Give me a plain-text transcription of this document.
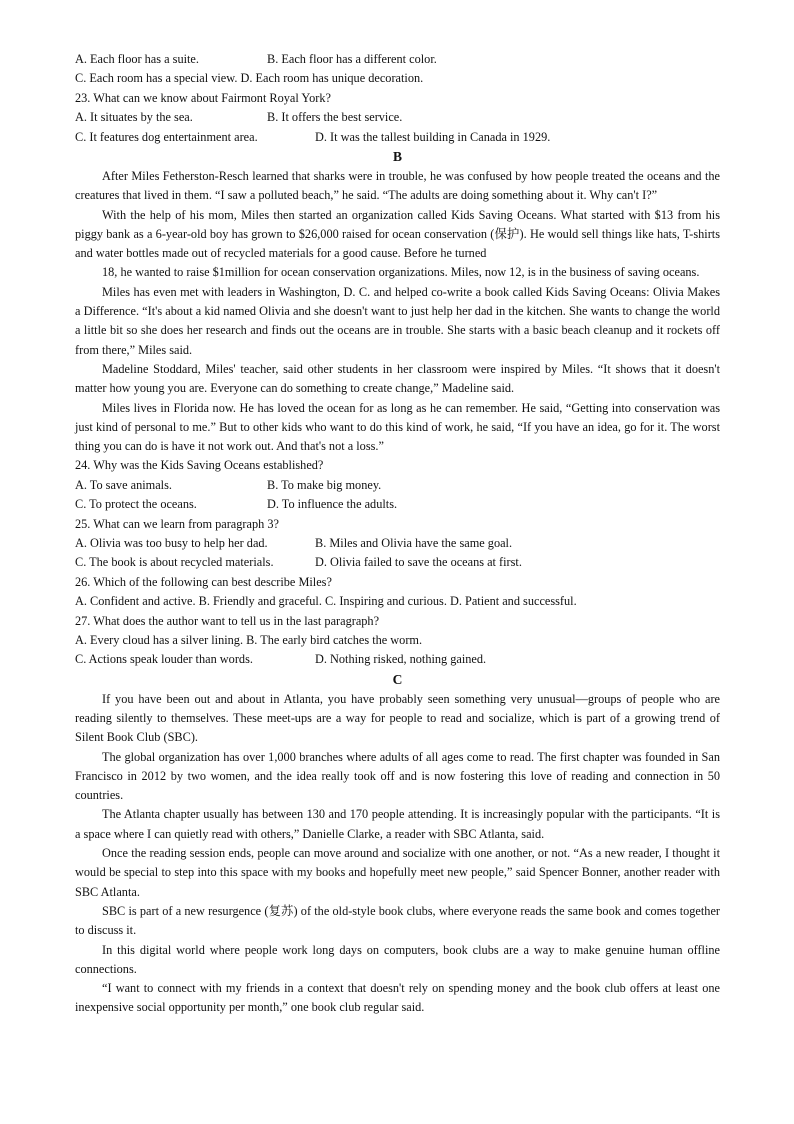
A. Each floor has a suite.	B. Each floor has a different color.
C. Each room has a special view. D. Each room has unique decoration.
23. What can we know about Fairmont Royal York?
A. It situates by the sea.	B. It offers the best service.
C. It features dog entertainment area.	D. It was the tallest building in Canada in 1929.
B

After Miles Fetherston-Resch learned that sharks were in trouble, he was confused by how people treated the oceans and the creatures that lived in them. “I saw a polluted beach,” he said. “The adults are doing something about it. Why can't I?”

With the help of his mom, Miles then started an organization called Kids Saving Oceans. What started with $13 from his piggy bank as a 6-year-old boy has grown to $26,000 raised for ocean conservation (保护). He would sell things like hats, T-shirts and water bottles made out of recycled materials for a good cause. Before he turned

18, he wanted to raise $1million for ocean conservation organizations. Miles, now 12, is in the business of saving oceans.

Miles has even met with leaders in Washington, D. C. and helped co-write a book called Kids Saving Oceans: Olivia Makes a Difference. “It's about a kid named Olivia and she doesn't want to just help her dad in the kitchen. She wants to change the world a little bit so she does her research and finds out the oceans are in trouble. She starts with a basic beach cleanup and it rockets off from there,” Miles said.

Madeline Stoddard, Miles' teacher, said other students in her classroom were inspired by Miles. “It shows that it doesn't matter how young you are. Everyone can do something to create change,” Madeline said.

Miles lives in Florida now. He has loved the ocean for as long as he can remember. He said, “Getting into conservation was just kind of personal to me.” But to other kids who want to do this kind of work, he said, “If you have an idea, go for it. The worst thing you can do is have it not work out. And that's not a loss.”

24. Why was the Kids Saving Oceans established?
A. To save animals.	B. To make big money.
C. To protect the oceans.	D. To influence the adults.
25. What can we learn from paragraph 3?
A. Olivia was too busy to help her dad.	B. Miles and Olivia have the same goal.
C. The book is about recycled materials.	D. Olivia failed to save the oceans at first.
26. Which of the following can best describe Miles?
A. Confident and active. B. Friendly and graceful. C. Inspiring and curious. D. Patient and successful.
27. What does the author want to tell us in the last paragraph?
A. Every cloud has a silver lining. B. The early bird catches the worm.
C. Actions speak louder than words.	D. Nothing risked, nothing gained.
C

If you have been out and about in Atlanta, you have probably seen something very unusual—groups of people who are reading silently to themselves. These meet-ups are a way for people to read and socialize, which is part of a growing trend of Silent Book Club (SBC).

The global organization has over 1,000 branches where adults of all ages come to read. The first chapter was founded in San Francisco in 2012 by two women, and the idea really took off and is now fostering this love of reading and connection in 50 countries.

The Atlanta chapter usually has between 130 and 170 people attending. It is increasingly popular with the participants. “It is a space where I can quietly read with others,” Danielle Clarke, a reader with SBC Atlanta, said.

Once the reading session ends, people can move around and socialize with one another, or not. “As a new reader, I thought it would be special to step into this space with my books and hopefully meet new people,” said Spencer Bonner, another reader with SBC Atlanta.

SBC is part of a new resurgence (复苏) of the old-style book clubs, where everyone reads the same book and comes together to discuss it.

In this digital world where people work long days on computers, book clubs are a way to make genuine human offline connections.

“I want to connect with my friends in a context that doesn't rely on spending money and the book club offers at least one inexpensive social opportunity per month,” one book club regular said.
